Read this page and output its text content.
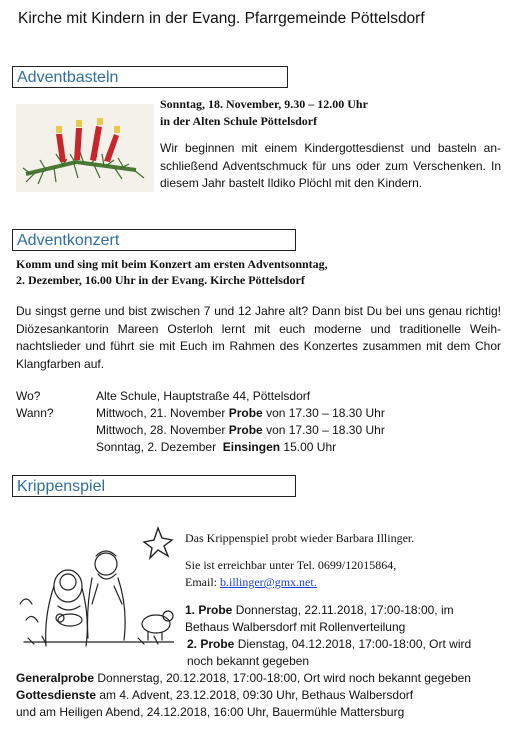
Kirche mit Kindern in der Evang. Pfarrgemeinde Pöttelsdorf
Adventbasteln
Sonntag, 18. November, 9.30 – 12.00 Uhr
in der Alten Schule Pöttelsdorf
Wir beginnen mit einem Kindergottesdienst und basteln an-schließend Adventschmuck für uns oder zum Verschenken. In diesem Jahr bastelt Ildiko Plöchl mit den Kindern.
Adventkonzert
Komm und sing mit beim Konzert am ersten Adventsonntag,
2. Dezember, 16.00 Uhr in der Evang. Kirche Pöttelsdorf
Du singst gerne und bist zwischen 7 und 12 Jahre alt? Dann bist Du bei uns genau richtig! Diözesankantorin Mareen Osterloh lernt mit euch moderne und traditionelle Weih-nachtslieder und führt sie mit Euch im Rahmen des Konzertes zusammen mit dem Chor Klangfarben auf.
Wo?	Alte Schule, Hauptstraße 44, Pöttelsdorf
Wann?	Mittwoch, 21. November Probe von 17.30 – 18.30 Uhr
Mittwoch, 28. November Probe von 17.30 – 18.30 Uhr
Sonntag, 2. Dezember  Einsingen 15.00 Uhr
Krippenspiel
Das Krippenspiel probt wieder Barbara Illinger.
Sie ist erreichbar unter Tel. 0699/12015864,
Email: b.illinger@gmx.net.
1. Probe Donnerstag, 22.11.2018, 17:00-18:00, im
Bethaus Walbersdorf mit Rollenverteilung
2. Probe Dienstag, 04.12.2018, 17:00-18:00, Ort wird
noch bekannt gegeben
Generalprobe Donnerstag, 20.12.2018, 17:00-18:00, Ort wird noch bekannt gegeben
Gottesdienste am 4. Advent, 23.12.2018, 09:30 Uhr, Bethaus Walbersdorf
und am Heiligen Abend, 24.12.2018, 16:00 Uhr, Bauermühle Mattersburg
